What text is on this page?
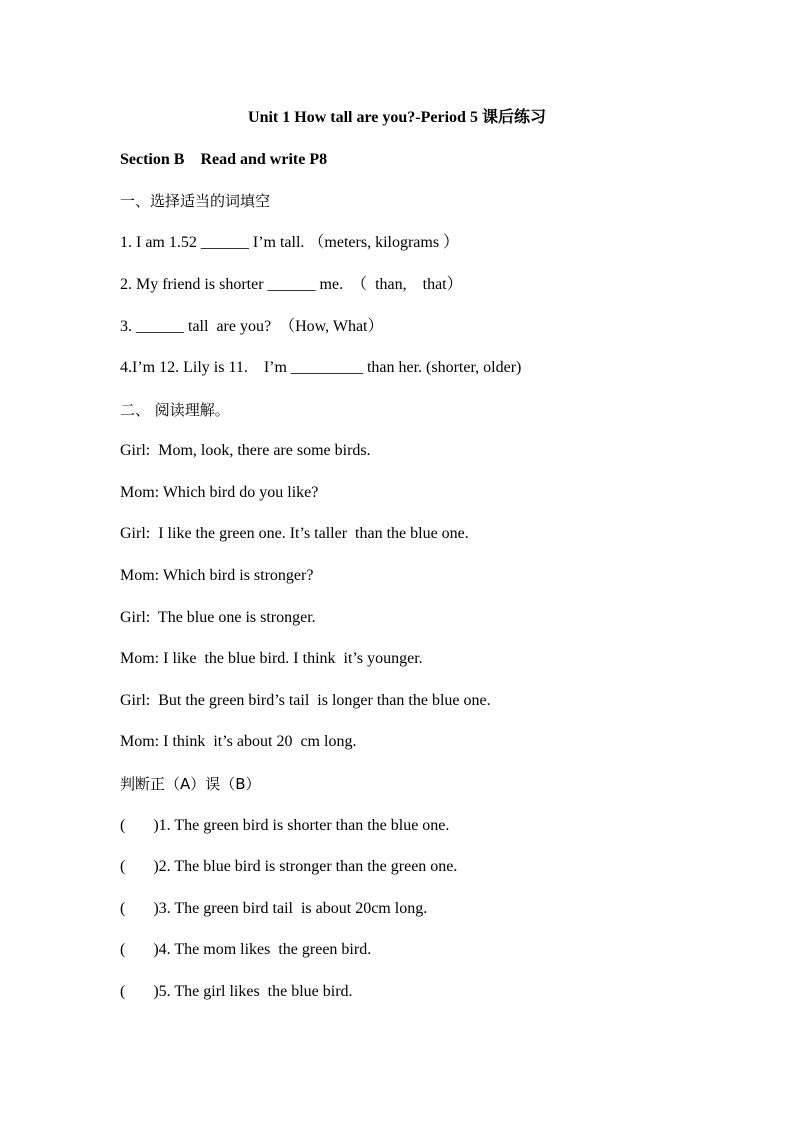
Unit 1 How tall are you?-Period 5 课后练习
Section B    Read and write P8
一、选择适当的词填空
1. I am 1.52 ______ I’m tall. （meters, kilograms ）
2. My friend is shorter ______ me.  （  than,    that）
3. ______ tall  are you?  （How, What）
4.I’m 12. Lily is 11.    I’m _________ than her. (shorter, older)
二、 阅读理解。
Girl:  Mom, look, there are some birds.
Mom: Which bird do you like?
Girl:  I like the green one. It’s taller  than the blue one.
Mom: Which bird is stronger?
Girl:  The blue one is stronger.
Mom: I like  the blue bird. I think  it’s younger.
Girl:  But the green bird’s tail  is longer than the blue one.
Mom: I think  it’s about 20  cm long.
判断正（A）误（B）
(       )1. The green bird is shorter than the blue one.
(       )2. The blue bird is stronger than the green one.
(       )3. The green bird tail  is about 20cm long.
(       )4. The mom likes  the green bird.
(       )5. The girl likes  the blue bird.
